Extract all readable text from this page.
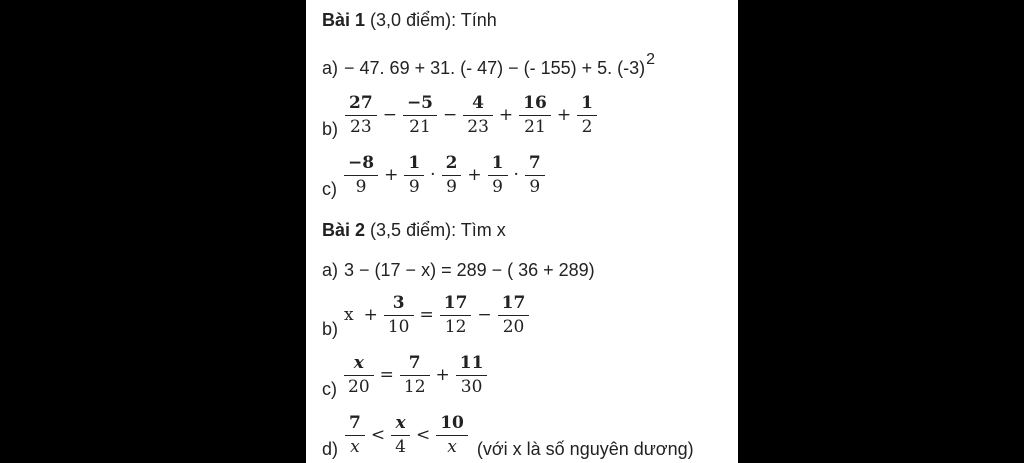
Bài 1
(3,0 điểm): Tính
a) − 47. 69 + 31. (- 47) − (- 155) + 5. (-3) 2
$b) \frac{27}{23} - \frac{-5}{21} - \frac{4}{23} + \frac{16}{21} + \frac{1}{2}$
$c) \frac{-8}{9} + \frac{1}{9} \cdot \frac{2}{9} + \frac{1}{9} \cdot \frac{7}{9}$
Bài 2
(3,5 điểm): Tìm x
a) 3 − (17 − x) = 289 − ( 36 + 289)
b)
$x + \frac{3}{10} = \frac{17}{12} - \frac{17}{20}$
$c) \frac{x}{20} = \frac{7}{12} + \frac{11}{30}$
$d) \frac{7}{x} < \frac{x}{4} < \frac{10}{x}$ (với x là số nguyên dương)
